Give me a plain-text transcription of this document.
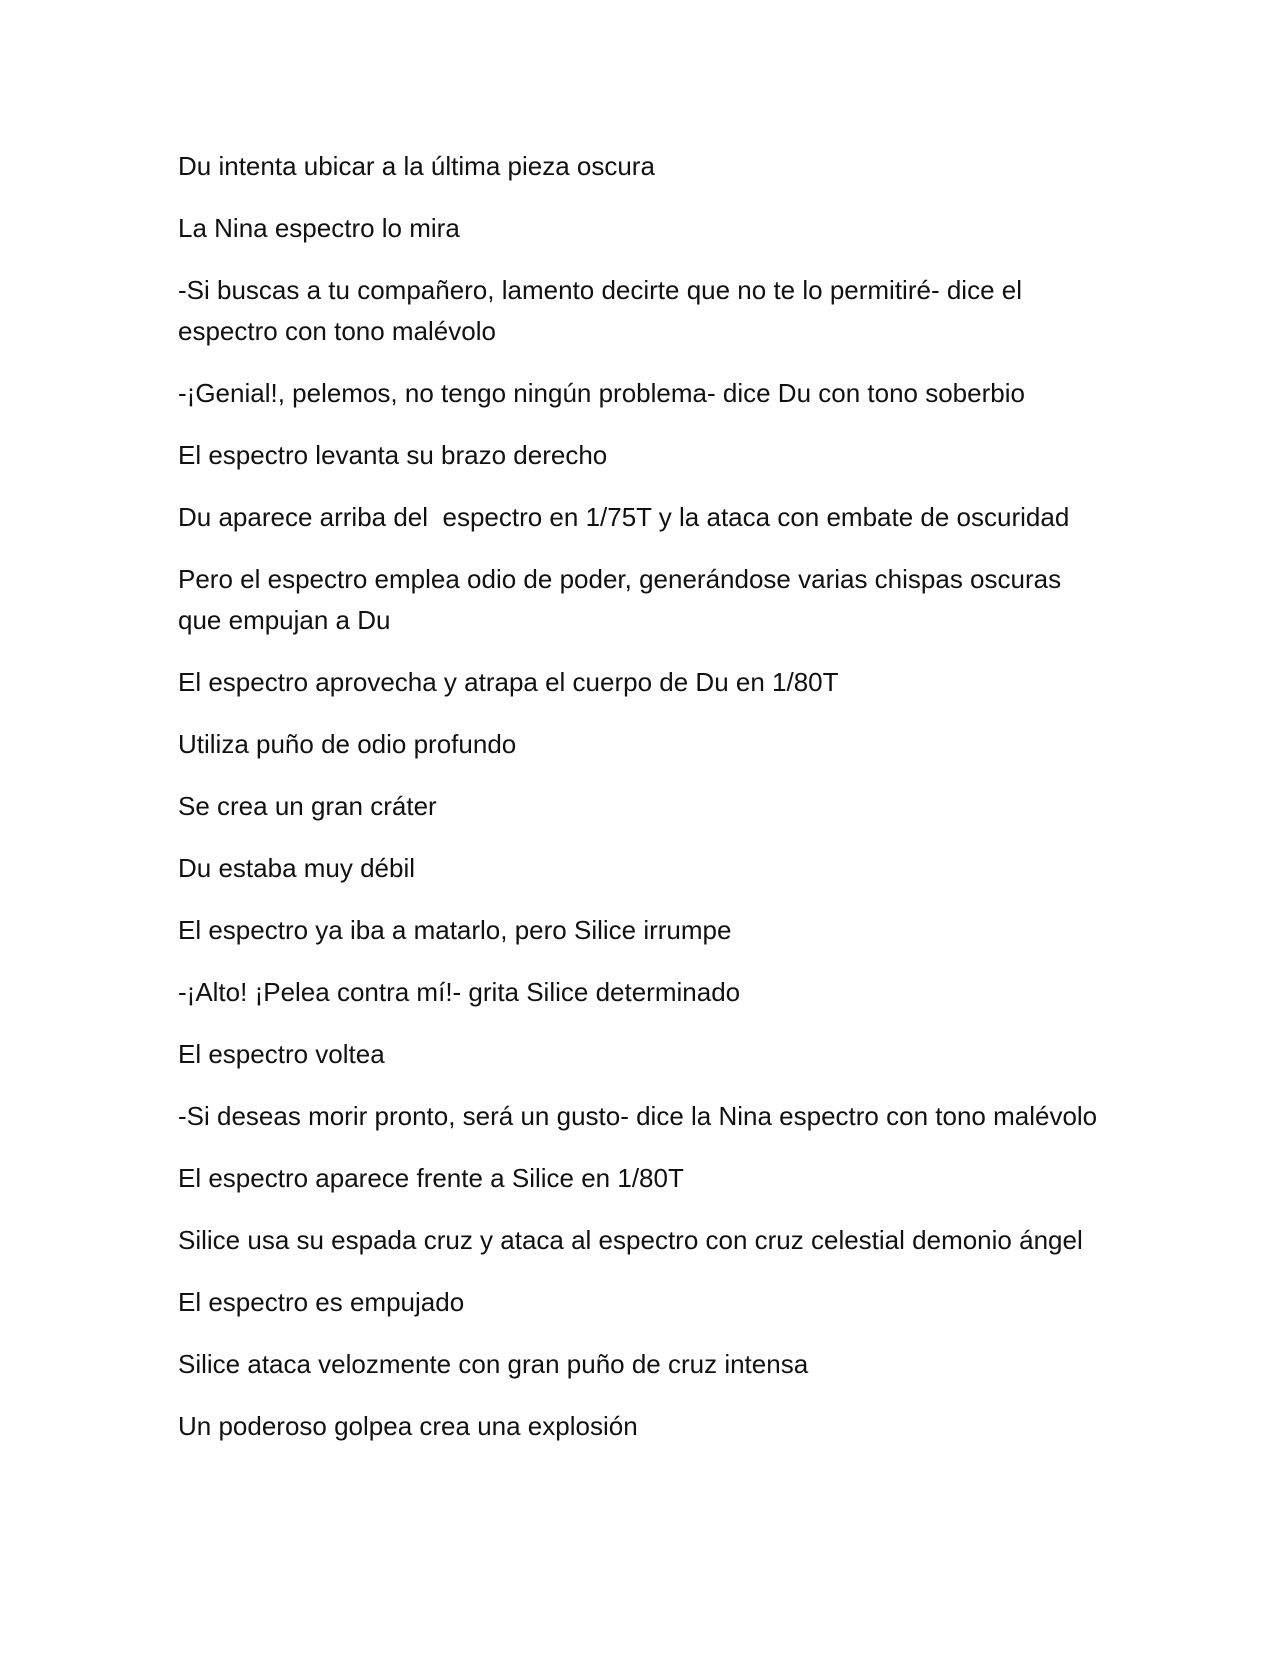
Du intenta ubicar a la última pieza oscura

La Nina espectro lo mira

-Si buscas a tu compañero, lamento decirte que no te lo permitiré- dice el espectro con tono malévolo

-¡Genial!, pelemos, no tengo ningún problema- dice Du con tono soberbio

El espectro levanta su brazo derecho

Du aparece arriba del  espectro en 1/75T y la ataca con embate de oscuridad

Pero el espectro emplea odio de poder, generándose varias chispas oscuras que empujan a Du

El espectro aprovecha y atrapa el cuerpo de Du en 1/80T

Utiliza puño de odio profundo

Se crea un gran cráter

Du estaba muy débil

El espectro ya iba a matarlo, pero Silice irrumpe

-¡Alto! ¡Pelea contra mí!- grita Silice determinado

El espectro voltea

-Si deseas morir pronto, será un gusto- dice la Nina espectro con tono malévolo

El espectro aparece frente a Silice en 1/80T

Silice usa su espada cruz y ataca al espectro con cruz celestial demonio ángel

El espectro es empujado

Silice ataca velozmente con gran puño de cruz intensa

Un poderoso golpea crea una explosión
